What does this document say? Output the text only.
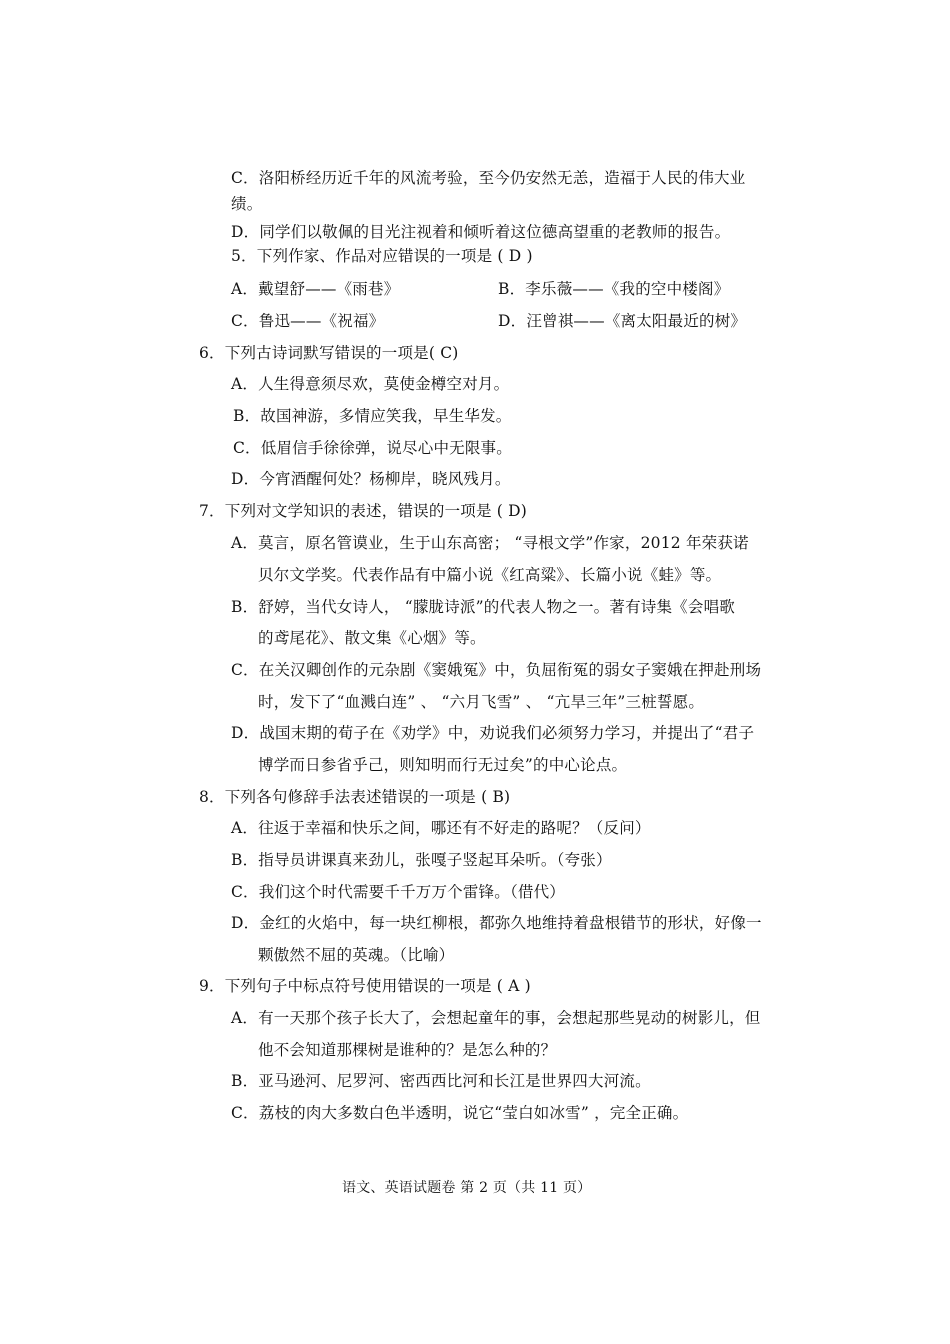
C．洛阳桥经历近千年的风流考验，至今仍安然无恙，造福于人民的伟大业
绩。
D．同学们以敬佩的目光注视着和倾听着这位德高望重的老教师的报告。
5．下列作家、作品对应错误的一项是 ( D )
A．戴望舒——《雨巷》	B．李乐薇——《我的空中楼阁》
C．鲁迅——《祝福》	D．汪曾祺——《离太阳最近的树》
6．下列古诗词默写错误的一项是( C)
A．人生得意须尽欢，莫使金樽空对月。
B．故国神游，多情应笑我，早生华发。
C．低眉信手徐徐弹，说尽心中无限事。
D．今宵酒醒何处？杨柳岸，晓风残月。
7．下列对文学知识的表述，错误的一项是 ( D)
A．莫言，原名管谟业，生于山东高密； “寻根文学”作家，2012 年荣获诺
贝尔文学奖。代表作品有中篇小说《红高粱》、长篇小说《蛙》等。
B．舒婷，当代女诗人， “朦胧诗派”的代表人物之一。著有诗集《会唱歌
的鸢尾花》、散文集《心烟》等。
C．在关汉卿创作的元杂剧《窦娥冤》中，负屈衔冤的弱女子窦娥在押赴刑场
时，发下了“血溅白连” 、 “六月飞雪” 、 “亢旱三年”三桩誓愿。
D．战国末期的荀子在《劝学》中，劝说我们必须努力学习，并提出了“君子
博学而日参省乎己，则知明而行无过矣”的中心论点。
8．下列各句修辞手法表述错误的一项是 ( B)
A．往返于幸福和快乐之间，哪还有不好走的路呢？（反问）
B．指导员讲课真来劲儿，张嘎子竖起耳朵听。（夸张）
C．我们这个时代需要千千万万个雷锋。（借代）
D．金红的火焰中，每一块红柳根，都弥久地维持着盘根错节的形状，好像一
颗傲然不屈的英魂。（比喻）
9．下列句子中标点符号使用错误的一项是 ( A )
A．有一天那个孩子长大了，会想起童年的事，会想起那些晃动的树影儿，但
他不会知道那棵树是谁种的？是怎么种的？
B．亚马逊河、尼罗河、密西西比河和长江是世界四大河流。
C．荔枝的肉大多数白色半透明，说它“莹白如冰雪” ，完全正确。
语文、英语试题卷 第 2 页（共 11 页）
